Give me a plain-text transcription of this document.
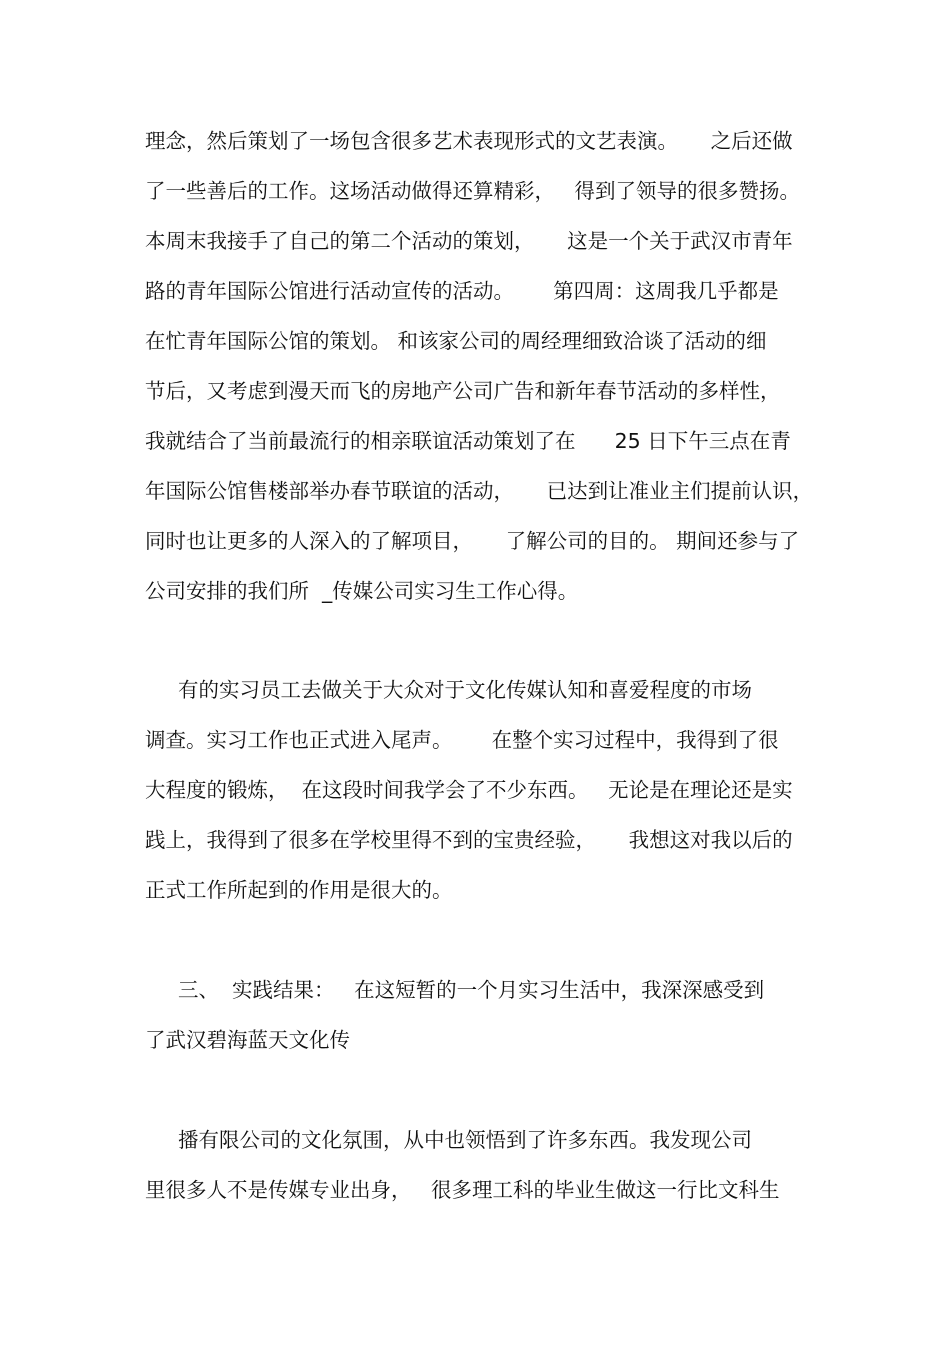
理念，然后策划了一场包含很多艺术表现形式的文艺表演。     之后还做
了一些善后的工作。这场活动做得还算精彩，   得到了领导的很多赞扬。
本周末我接手了自己的第二个活动的策划，     这是一个关于武汉市青年
路的青年国际公馆进行活动宣传的活动。      第四周：这周我几乎都是
在忙青年国际公馆的策划。 和该家公司的周经理细致洽谈了活动的细
节后，又考虑到漫天而飞的房地产公司广告和新年春节活动的多样性，
我就结合了当前最流行的相亲联谊活动策划了在      25 日下午三点在青
年国际公馆售楼部举办春节联谊的活动，     已达到让准业主们提前认识，
同时也让更多的人深入的了解项目，     了解公司的目的。 期间还参与了
公司安排的我们所  _传媒公司实习生工作心得。
有的实习员工去做关于大众对于文化传媒认知和喜爱程度的市场
调查。实习工作也正式进入尾声。      在整个实习过程中，我得到了很
大程度的锻炼，  在这段时间我学会了不少东西。   无论是在理论还是实
践上，我得到了很多在学校里得不到的宝贵经验，     我想这对我以后的
正式工作所起到的作用是很大的。
三、  实践结果：   在这短暂的一个月实习生活中，我深深感受到
了武汉碧海蓝天文化传
播有限公司的文化氛围，从中也领悟到了许多东西。我发现公司
里很多人不是传媒专业出身，   很多理工科的毕业生做这一行比文科生
